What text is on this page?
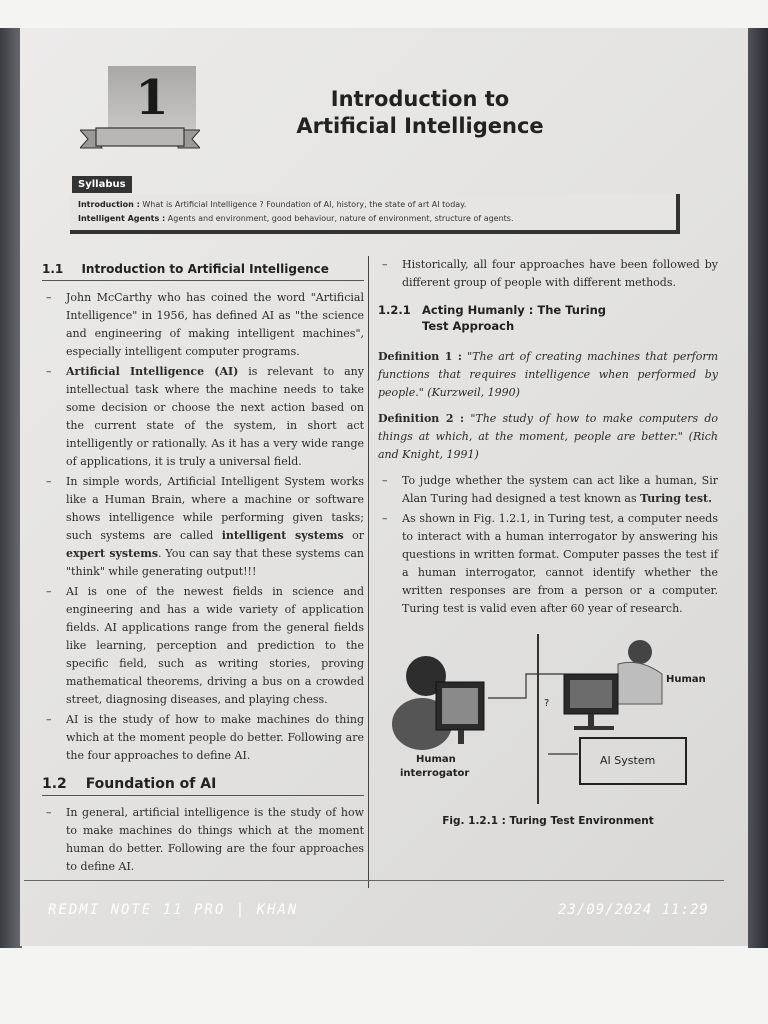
1	Introduction to
Artificial Intelligence
Syllabus
Introduction : What is Artificial Intelligence ? Foundation of AI, history, the state of art AI today.
Intelligent Agents : Agents and environment, good behaviour, nature of environment, structure of agents.
1.1 Introduction to Artificial Intelligence
– John McCarthy who has coined the word "Artificial Intelligence" in 1956, has defined AI as "the science and engineering of making intelligent machines", especially intelligent computer programs.
– Artificial Intelligence (AI) is relevant to any intellectual task where the machine needs to take some decision or choose the next action based on the current state of the system, in short act intelligently or rationally. As it has a very wide range of applications, it is truly a universal field.
– In simple words, Artificial Intelligent System works like a Human Brain, where a machine or software shows intelligence while performing given tasks; such systems are called intelligent systems or expert systems. You can say that these systems can "think" while generating output!!!
– AI is one of the newest fields in science and engineering and has a wide variety of application fields. AI applications range from the general fields like learning, perception and prediction to the specific field, such as writing stories, proving mathematical theorems, driving a bus on a crowded street, diagnosing diseases, and playing chess.
– AI is the study of how to make machines do thing which at the moment people do better. Following are the four approaches to define AI.
1.2 Foundation of AI
– In general, artificial intelligence is the study of how to make machines do things which at the moment human do better. Following are the four approaches to define AI.
– Historically, all four approaches have been followed by different group of people with different methods.
1.2.1 Acting Humanly : The Turing
Test Approach
Definition 1 : "The art of creating machines that perform functions that requires intelligence when performed by people." (Kurzweil, 1990)
Definition 2 : "The study of how to make computers do things at which, at the moment, people are better." (Rich and Knight, 1991)
– To judge whether the system can act like a human, Sir Alan Turing had designed a test known as Turing test.
– As shown in Fig. 1.2.1, in Turing test, a computer needs to interact with a human interrogator by answering his questions in written format. Computer passes the test if a human interrogator, cannot identify whether the written responses are from a person or a computer. Turing test is valid even after 60 year of research.
?
Human
AI System
Human
interrogator
Fig. 1.2.1 : Turing Test Environment
REDMI NOTE 11 PRO | KHAN	23/09/2024 11:29
